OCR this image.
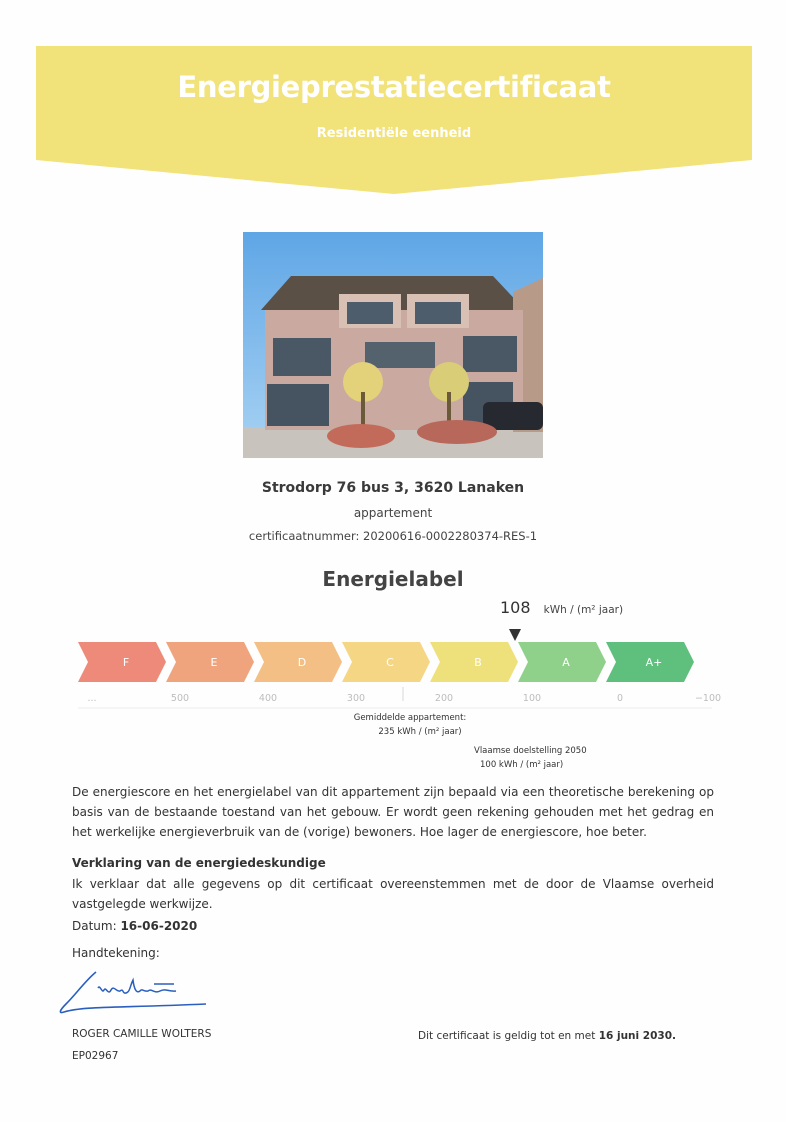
Energieprestatiecertificaat
Residentiële eenheid
Strodorp 76 bus 3, 3620 Lanaken
appartement
certificaatnummer: 20200616-0002280374-RES-1
Energielabel
108 kWh / (m² jaar)
F	E	D	C	B	A	A+
...	500	400	300	200	100	0	−100
Gemiddelde appartement:
235 kWh / (m² jaar)
Vlaamse doelstelling 2050
100 kWh / (m² jaar)
De energiescore en het energielabel van dit appartement zijn bepaald via een theoretische berekening op basis van de bestaande toestand van het gebouw. Er wordt geen rekening gehouden met het gedrag en het werkelijke energieverbruik van de (vorige) bewoners. Hoe lager de energiescore, hoe beter.
Verklaring van de energiedeskundige
Ik verklaar dat alle gegevens op dit certificaat overeenstemmen met de door de Vlaamse overheid vastgelegde werkwijze.
Datum: 16-06-2020
Handtekening:
ROGER CAMILLE WOLTERS
EP02967
Dit certificaat is geldig tot en met 16 juni 2030.
